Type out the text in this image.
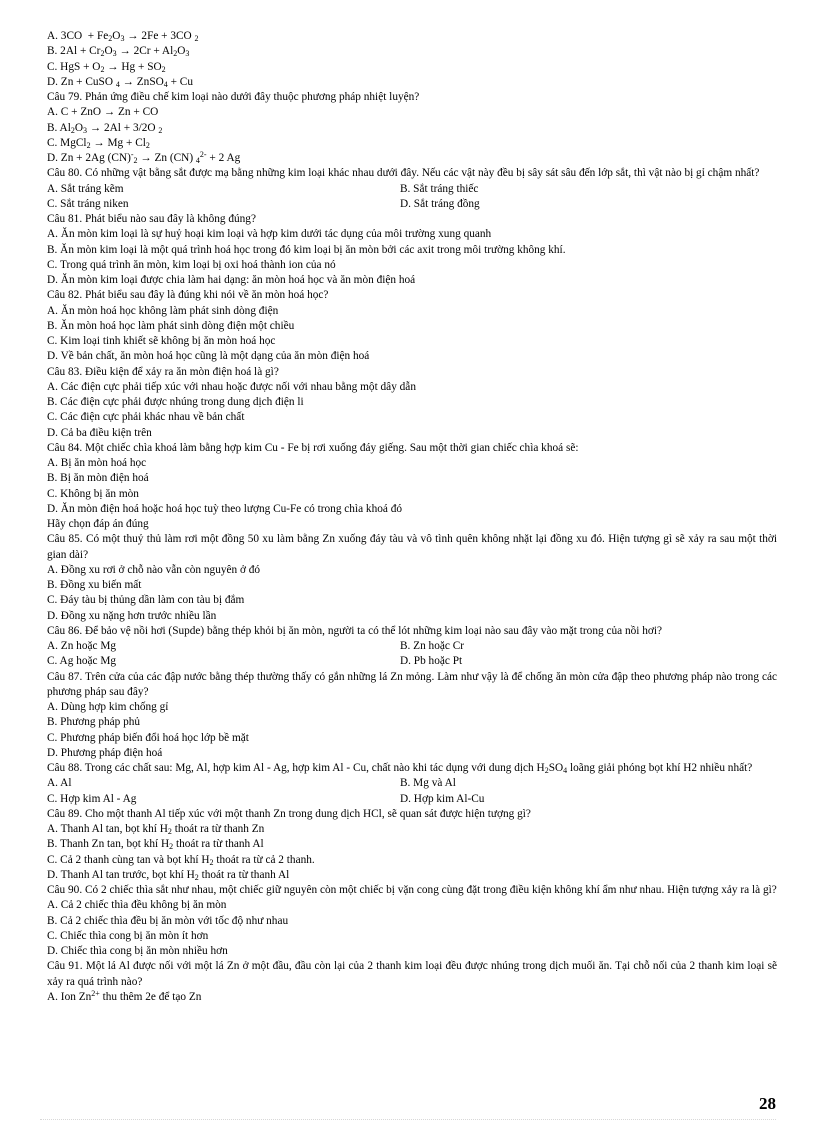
A. $3CO + Fe_2O_3 \to 2Fe + 3CO$ $_2$
B. $2Al + Cr_2O_3 \to 2Cr + Al_2O_3$
C. HgS + $O_2 \to Hg + SO_2$
D. Zn + CuSO $_4$ → ZnSO$_4$ + Cu
Câu 79. Phản ứng điều chế kim loại nào dưới đây thuộc phương pháp nhiệt luyện?
A. C + ZnO → Zn + CO
B. $Al_2O_3 \to 2Al + 3/2O$ $_2$
C. MgCl$_2$ → $Mg + Cl_2$
D. Zn + 2Ag $(CN)^-_2 \to Zn$ (CN) $_4^{2-}$ + 2 Ag
Câu 80. Có những vật bằng sắt được mạ bằng những kim loại khác nhau dưới đây. Nếu các vật này đều bị sây sát sâu đến lớp sắt, thì vật nào bị gỉ chậm nhất?
A. Sắt tráng kẽm	B. Sắt tráng thiếc
C. Sắt tráng niken	D. Sắt tráng đồng
Câu 81. Phát biểu nào sau đây là không đúng?
A. Ăn mòn kim loại là sự huỷ hoại kim loại và hợp kim dưới tác dụng của môi trường xung quanh
B. Ăn mòn kim loại là một quá trình hoá học trong đó kim loại bị ăn mòn bởi các axit trong môi trường không khí.
C. Trong quá trình ăn mòn, kim loại bị oxi hoá thành ion của nó
D. Ăn mòn kim loại được chia làm hai dạng: ăn mòn hoá học và ăn mòn điện hoá
Câu 82. Phát biểu sau đây là đúng khi nói về ăn mòn hoá học?
A. Ăn mòn hoá học không làm phát sinh dòng điện
B. Ăn mòn hoá học làm phát sinh dòng điện một chiều
C. Kim loại tinh khiết sẽ không bị ăn mòn hoá học
D. Về bản chất, ăn mòn hoá học cũng là một dạng của ăn mòn điện hoá
Câu 83. Điều kiện để xảy ra ăn mòn điện hoá là gì?
A. Các điện cực phải tiếp xúc với nhau hoặc được nối với nhau bằng một dây dẫn
B. Các điện cực phải được nhúng trong dung dịch điện li
C. Các điện cực phải khác nhau về bản chất
D. Cả ba điều kiện trên
Câu 84. Một chiếc chìa khoá làm bằng hợp kim Cu - Fe bị rơi xuống đáy giếng. Sau một thời gian chiếc chìa khoá sẽ:
A. Bị ăn mòn hoá học
B. Bị ăn mòn điện hoá
C. Không bị ăn mòn
D. Ăn mòn điện hoá hoặc hoá học tuỳ theo lượng Cu-Fe có trong chìa khoá đó
Hãy chọn đáp án đúng
Câu 85. Có một thuỷ thủ làm rơi một đồng 50 xu làm bằng Zn xuống đáy tàu và vô tình quên không nhặt lại đồng xu đó. Hiện tượng gì sẽ xảy ra sau một thời gian dài?
A. Đồng xu rơi ở chỗ nào vẫn còn nguyên ở đó
B. Đồng xu biến mất
C. Đáy tàu bị thủng dần làm con tàu bị đắm
D. Đồng xu nặng hơn trước nhiều lần
Câu 86. Để bảo vệ nồi hơi (Supde) bằng thép khỏi bị ăn mòn, người ta có thể lót những kim loại nào sau đây vào mặt trong của nồi hơi?
A. Zn hoặc Mg	B. Zn hoặc Cr
C. Ag hoặc Mg	D. Pb hoặc Pt
Câu 87. Trên cửa của các đập nước bằng thép thường thấy có gắn những lá Zn mỏng. Làm như vậy là để chống ăn mòn cửa đập theo phương pháp nào trong các phương pháp sau đây?
A. Dùng hợp kim chống gỉ
B. Phương pháp phủ
C. Phương pháp biến đổi hoá học lớp bề mặt
D. Phương pháp điện hoá
Câu 88. Trong các chất sau: Mg, Al, hợp kim Al - Ag, hợp kim Al - Cu, chất nào khi tác dụng với dung dịch $H_2SO_4$ loãng giải phóng bọt khí H2 nhiều nhất?
A. Al	B. Mg và Al
C. Hợp kim Al - Ag	D. Hợp kim Al-Cu
Câu 89. Cho một thanh Al tiếp xúc với một thanh Zn trong dung dịch HCl, sẽ quan sát được hiện tượng gì?
A. Thanh Al tan, bọt khí $H_2$ thoát ra từ thanh Zn
B. Thanh Zn tan, bọt khí $H_2$ thoát ra từ thanh Al
C. Cả 2 thanh cùng tan và bọt khí $H_2$ thoát ra từ cả 2 thanh.
D. Thanh Al tan trước, bọt khí $H_2$ thoát ra từ thanh Al
Câu 90. Có 2 chiếc thìa sắt như nhau, một chiếc giữ nguyên còn một chiếc bị vặn cong cùng đặt trong điều kiện không khí ẩm như nhau. Hiện tượng xảy ra là gì?
A. Cả 2 chiếc thìa đều không bị ăn mòn
B. Cả 2 chiếc thìa đều bị ăn mòn với tốc độ như nhau
C. Chiếc thìa cong bị ăn mòn ít hơn
D. Chiếc thìa cong bị ăn mòn nhiều hơn
Câu 91. Một lá Al được nối với một lá Zn ở một đầu, đầu còn lại của 2 thanh kim loại đều được nhúng trong dịch muối ăn. Tại chỗ nối của 2 thanh kim loại sẽ xảy ra quá trình nào?
A. Ion $Zn^{2+}$ thu thêm 2e để tạo Zn
28
